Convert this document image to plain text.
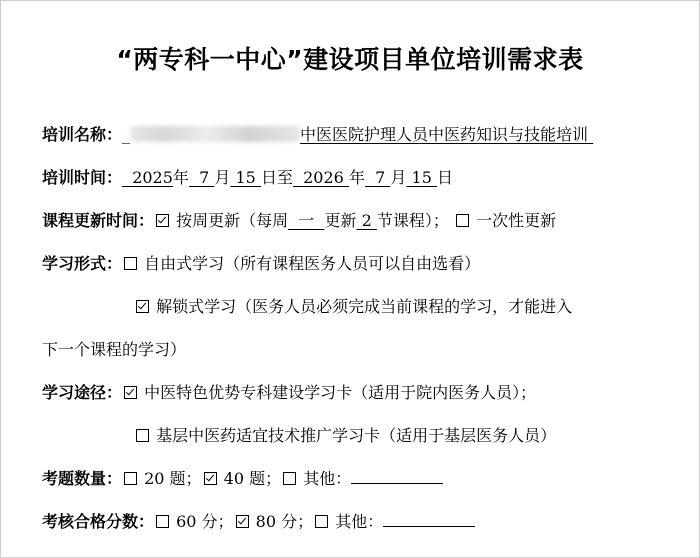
“两专科一中心”建设项目单位培训需求表
培训名称：_	中医医院护理人员中医药知识与技能培训
培训时间： 2025年 7 月 15 日至 2026 年 7 月 15 日
课程更新时间： 按周更新（每周 一 更新 2 节课程）； 一次性更新
学习形式： 自由式学习（所有课程医务人员可以自由选看）
解锁式学习（医务人员必须完成当前课程的学习，才能进入
下一个课程的学习）
学习途径： 中医特色优势专科建设学习卡（适用于院内医务人员）；
基层中医药适宜技术推广学习卡（适用于基层医务人员）
考题数量： 20 题； 40 题； 其他：
考核合格分数： 60 分； 80 分； 其他：
